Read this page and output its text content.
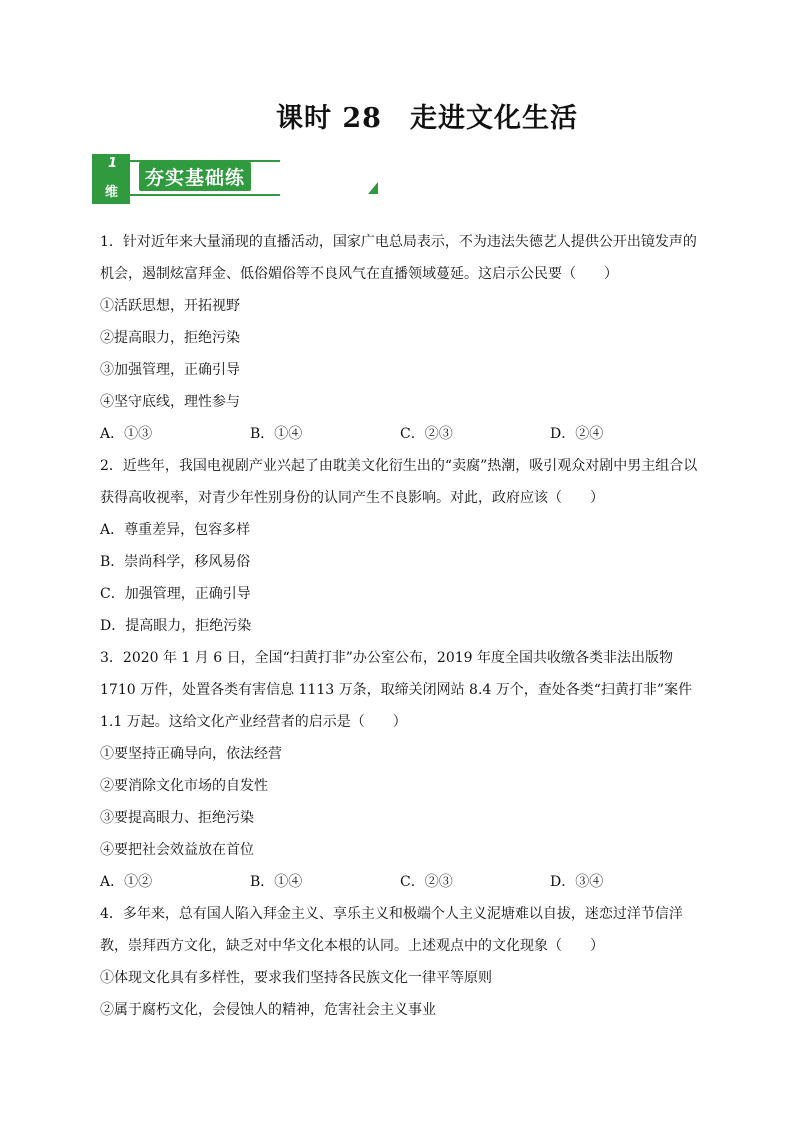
课时 28 走进文化生活
1
维
夯实基础练

1．针对近年来大量涌现的直播活动，国家广电总局表示，不为违法失德艺人提供公开出镜发声的机会，遏制炫富拜金、低俗媚俗等不良风气在直播领域蔓延。这启示公民要（　　）

①活跃思想，开拓视野

②提高眼力，拒绝污染

③加强管理，正确引导

④坚守底线，理性参与

A．①③	B．①④	C．②③	D．②④

2．近些年，我国电视剧产业兴起了由耽美文化衍生出的“卖腐”热潮，吸引观众对剧中男主组合以获得高收视率，对青少年性别身份的认同产生不良影响。对此，政府应该（　　）

A．尊重差异，包容多样

B．崇尚科学，移风易俗

C．加强管理，正确引导

D．提高眼力，拒绝污染

3．2020 年 1 月 6 日，全国“扫黄打非”办公室公布，2019 年度全国共收缴各类非法出版物 1710 万件，处置各类有害信息 1113 万条，取缔关闭网站 8.4 万个，查处各类“扫黄打非”案件 1.1 万起。这给文化产业经营者的启示是（　　）

①要坚持正确导向，依法经营

②要消除文化市场的自发性

③要提高眼力、拒绝污染

④要把社会效益放在首位

A．①②	B．①④	C．②③	D．③④

4．多年来，总有国人陷入拜金主义、享乐主义和极端个人主义泥塘难以自拔，迷恋过洋节信洋教，崇拜西方文化，缺乏对中华文化本根的认同。上述观点中的文化现象（　　）

①体现文化具有多样性，要求我们坚持各民族文化一律平等原则

②属于腐朽文化，会侵蚀人的精神，危害社会主义事业
